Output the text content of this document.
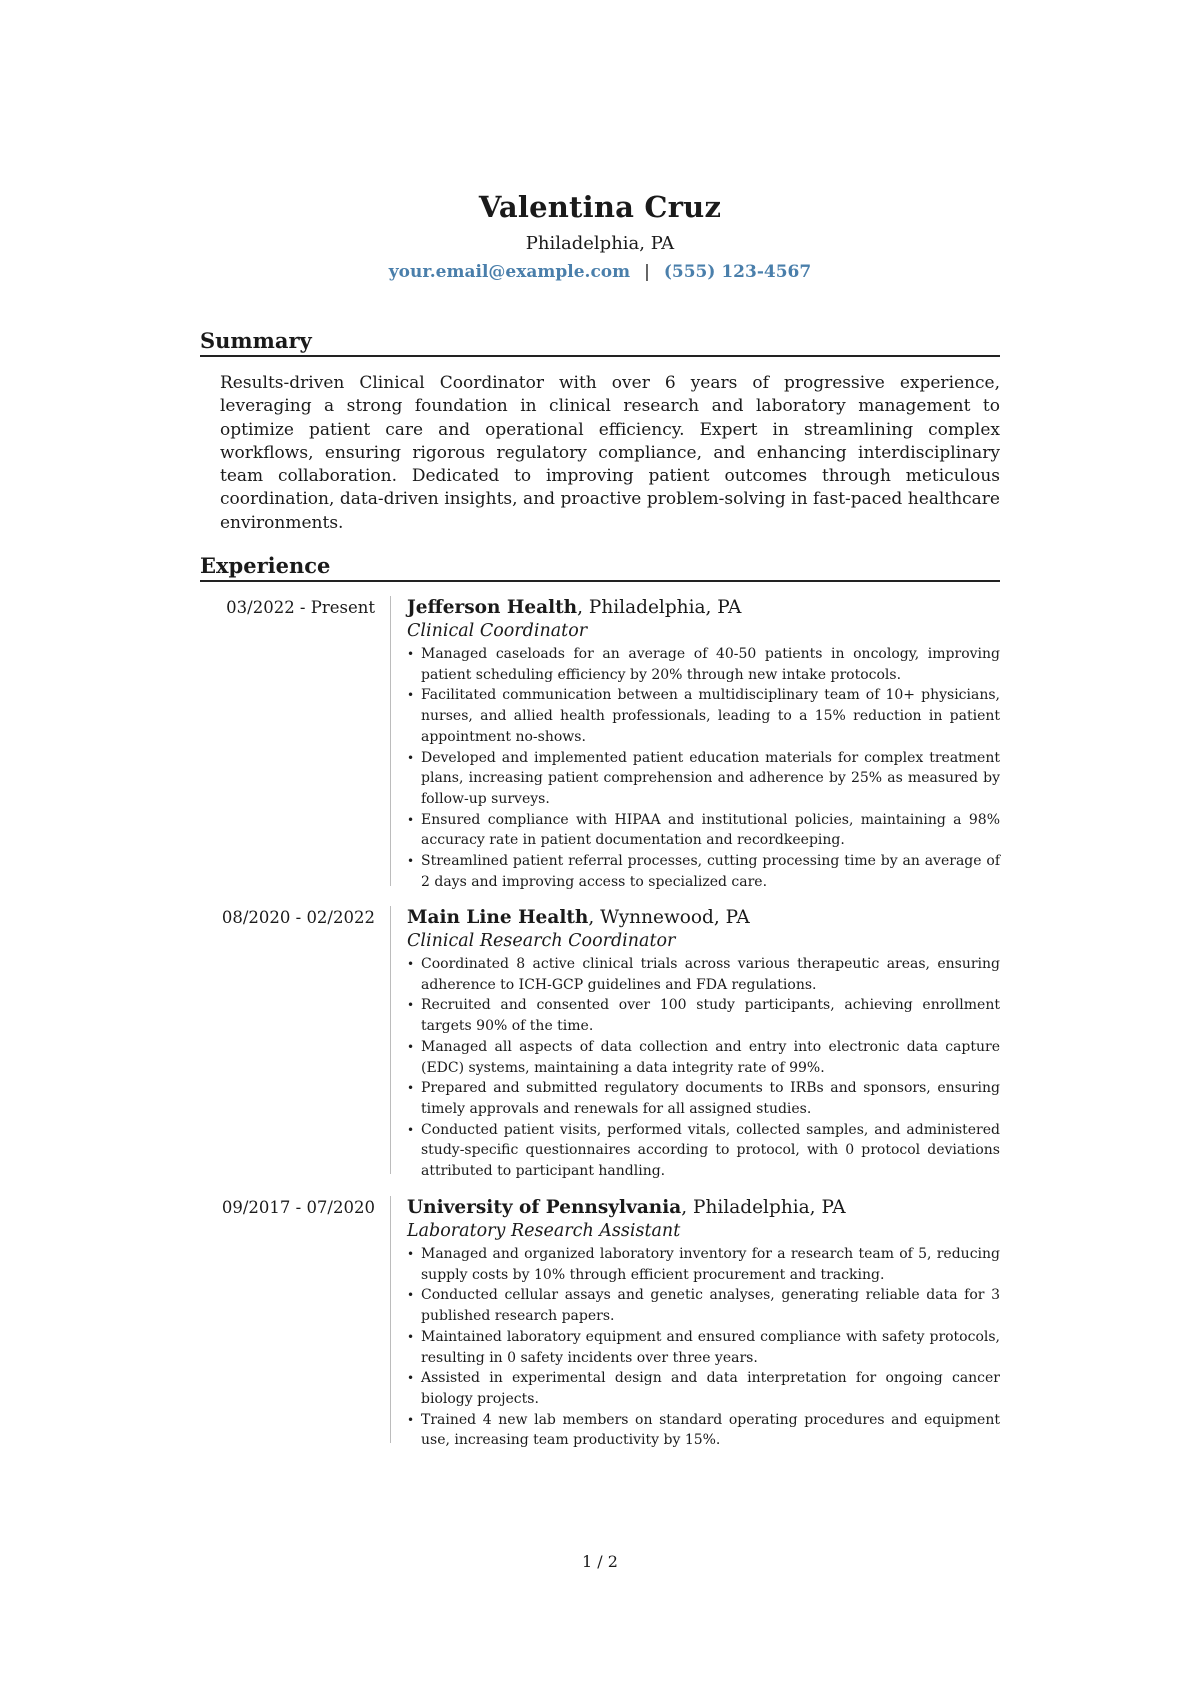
Valentina Cruz
Philadelphia, PA
your.email@example.com | (555) 123-4567
Summary
Results-driven Clinical Coordinator with over 6 years of progressive experience, leveraging a strong foundation in clinical research and laboratory management to optimize patient care and operational efficiency. Expert in streamlining complex workflows, ensuring rigorous regulatory compliance, and enhancing interdisciplinary team collaboration. Dedicated to improving patient outcomes through meticulous coordination, data-driven insights, and proactive problem-solving in fast-paced healthcare environments.
Experience
03/2022 - Present Jefferson Health, Philadelphia, PA
Clinical Coordinator
• Managed caseloads for an average of 40-50 patients in oncology, improving patient scheduling efficiency by 20% through new intake protocols.
• Facilitated communication between a multidisciplinary team of 10+ physicians, nurses, and allied health professionals, leading to a 15% reduction in patient appointment no-shows.
• Developed and implemented patient education materials for complex treatment plans, increasing patient comprehension and adherence by 25% as measured by follow-up surveys.
• Ensured compliance with HIPAA and institutional policies, maintaining a 98% accuracy rate in patient documentation and recordkeeping.
• Streamlined patient referral processes, cutting processing time by an average of 2 days and improving access to specialized care.
08/2020 - 02/2022 Main Line Health, Wynnewood, PA
Clinical Research Coordinator
• Coordinated 8 active clinical trials across various therapeutic areas, ensuring adherence to ICH-GCP guidelines and FDA regulations.
• Recruited and consented over 100 study participants, achieving enrollment targets 90% of the time.
• Managed all aspects of data collection and entry into electronic data capture (EDC) systems, maintaining a data integrity rate of 99%.
• Prepared and submitted regulatory documents to IRBs and sponsors, ensuring timely approvals and renewals for all assigned studies.
• Conducted patient visits, performed vitals, collected samples, and administered study-specific questionnaires according to protocol, with 0 protocol deviations attributed to participant handling.
09/2017 - 07/2020 University of Pennsylvania, Philadelphia, PA
Laboratory Research Assistant
• Managed and organized laboratory inventory for a research team of 5, reducing supply costs by 10% through efficient procurement and tracking.
• Conducted cellular assays and genetic analyses, generating reliable data for 3 published research papers.
• Maintained laboratory equipment and ensured compliance with safety protocols, resulting in 0 safety incidents over three years.
• Assisted in experimental design and data interpretation for ongoing cancer biology projects.
• Trained 4 new lab members on standard operating procedures and equipment use, increasing team productivity by 15%.
1 / 2
